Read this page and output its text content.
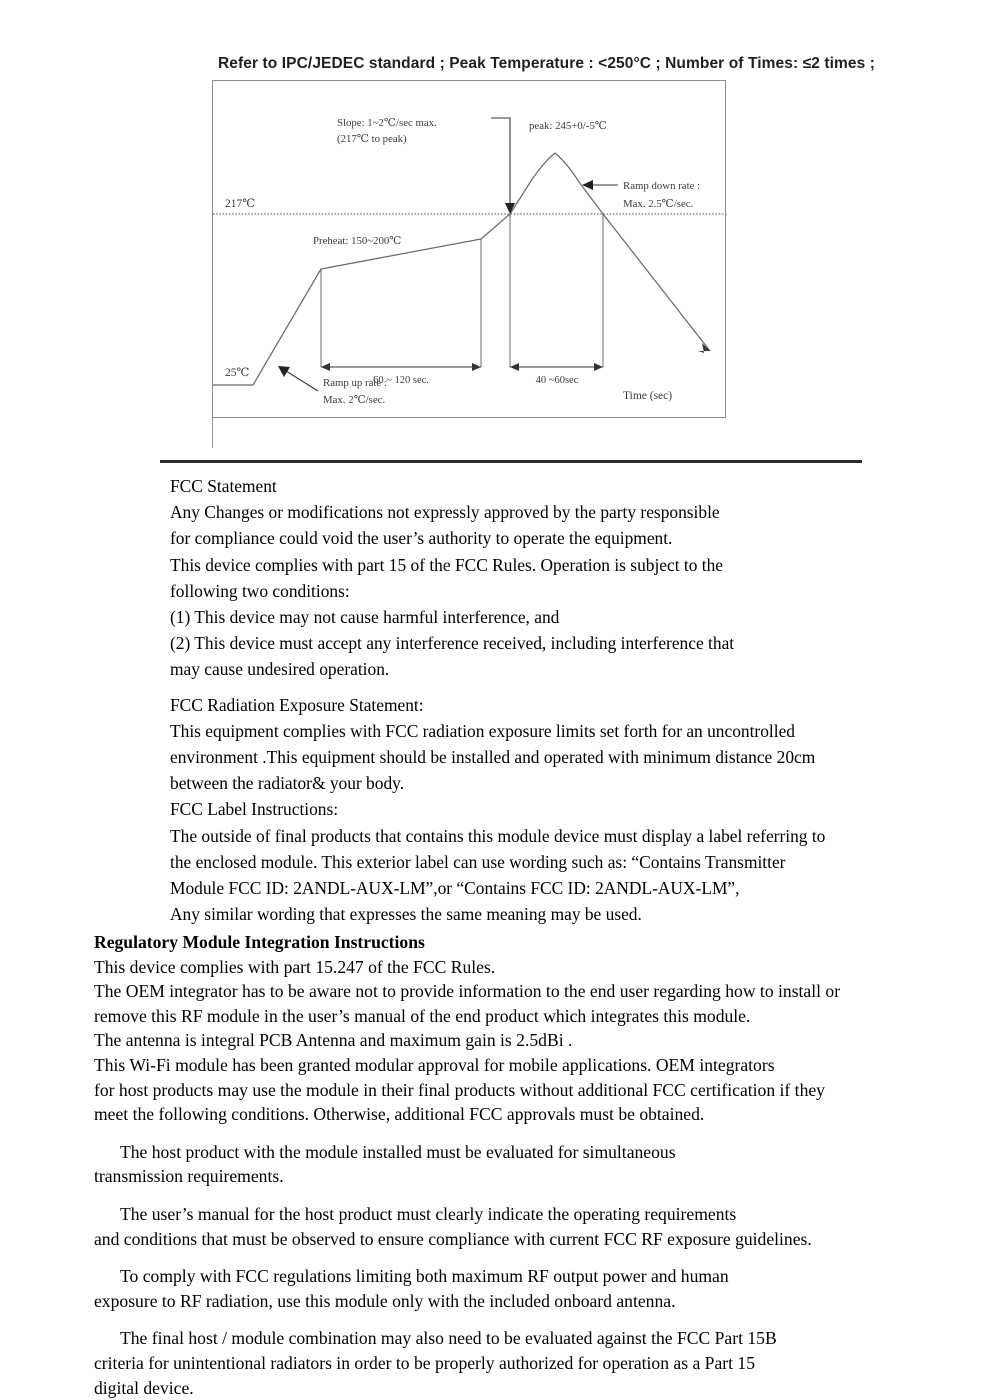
Refer to IPC/JEDEC standard ; Peak Temperature : <250°C ; Number of Times: ≤2 times ;
60 ~ 120 sec.	40 ~60sec
Slope: 1~2℃/sec max.
(217℃ to peak)
peak: 245+0/-5℃
Ramp down rate :
Max. 2.5℃/sec.
217℃
Preheat: 150~200℃
25℃
Ramp up rate :
Max. 2℃/sec.	Time (sec)
FCC Statement
Any Changes or modifications not expressly approved by the party responsible
for compliance could void the user’s authority to operate the equipment.
This device complies with part 15 of the FCC Rules. Operation is subject to the
following two conditions:
(1) This device may not cause harmful interference, and
(2) This device must accept any interference received, including interference that
may cause undesired operation.
FCC Radiation Exposure Statement:
This equipment complies with FCC radiation exposure limits set forth for an uncontrolled
environment .This equipment should be installed and operated with minimum distance 20cm
between the radiator& your body.
FCC Label Instructions:
The outside of final products that contains this module device must display a label referring to
the enclosed module. This exterior label can use wording such as: “Contains Transmitter
Module FCC ID: 2ANDL-AUX-LM”,or “Contains FCC ID: 2ANDL-AUX-LM”,
Any similar wording that expresses the same meaning may be used.
Regulatory Module Integration Instructions
This device complies with part 15.247 of the FCC Rules.
The OEM integrator has to be aware not to provide information to the end user regarding how to install or
remove this RF module in the user’s manual of the end product which integrates this module.
The antenna is integral PCB Antenna and maximum gain is 2.5dBi .
This Wi-Fi module has been granted modular approval for mobile applications. OEM integrators
for host products may use the module in their final products without additional FCC certification if they
meet the following conditions. Otherwise, additional FCC approvals must be obtained.
The host product with the module installed must be evaluated for simultaneous
transmission requirements.
The user’s manual for the host product must clearly indicate the operating requirements
and conditions that must be observed to ensure compliance with current FCC RF exposure guidelines.
To comply with FCC regulations limiting both maximum RF output power and human
exposure to RF radiation, use this module only with the included onboard antenna.
The final host / module combination may also need to be evaluated against the FCC Part 15B
criteria for unintentional radiators in order to be properly authorized for operation as a Part 15
digital device.
